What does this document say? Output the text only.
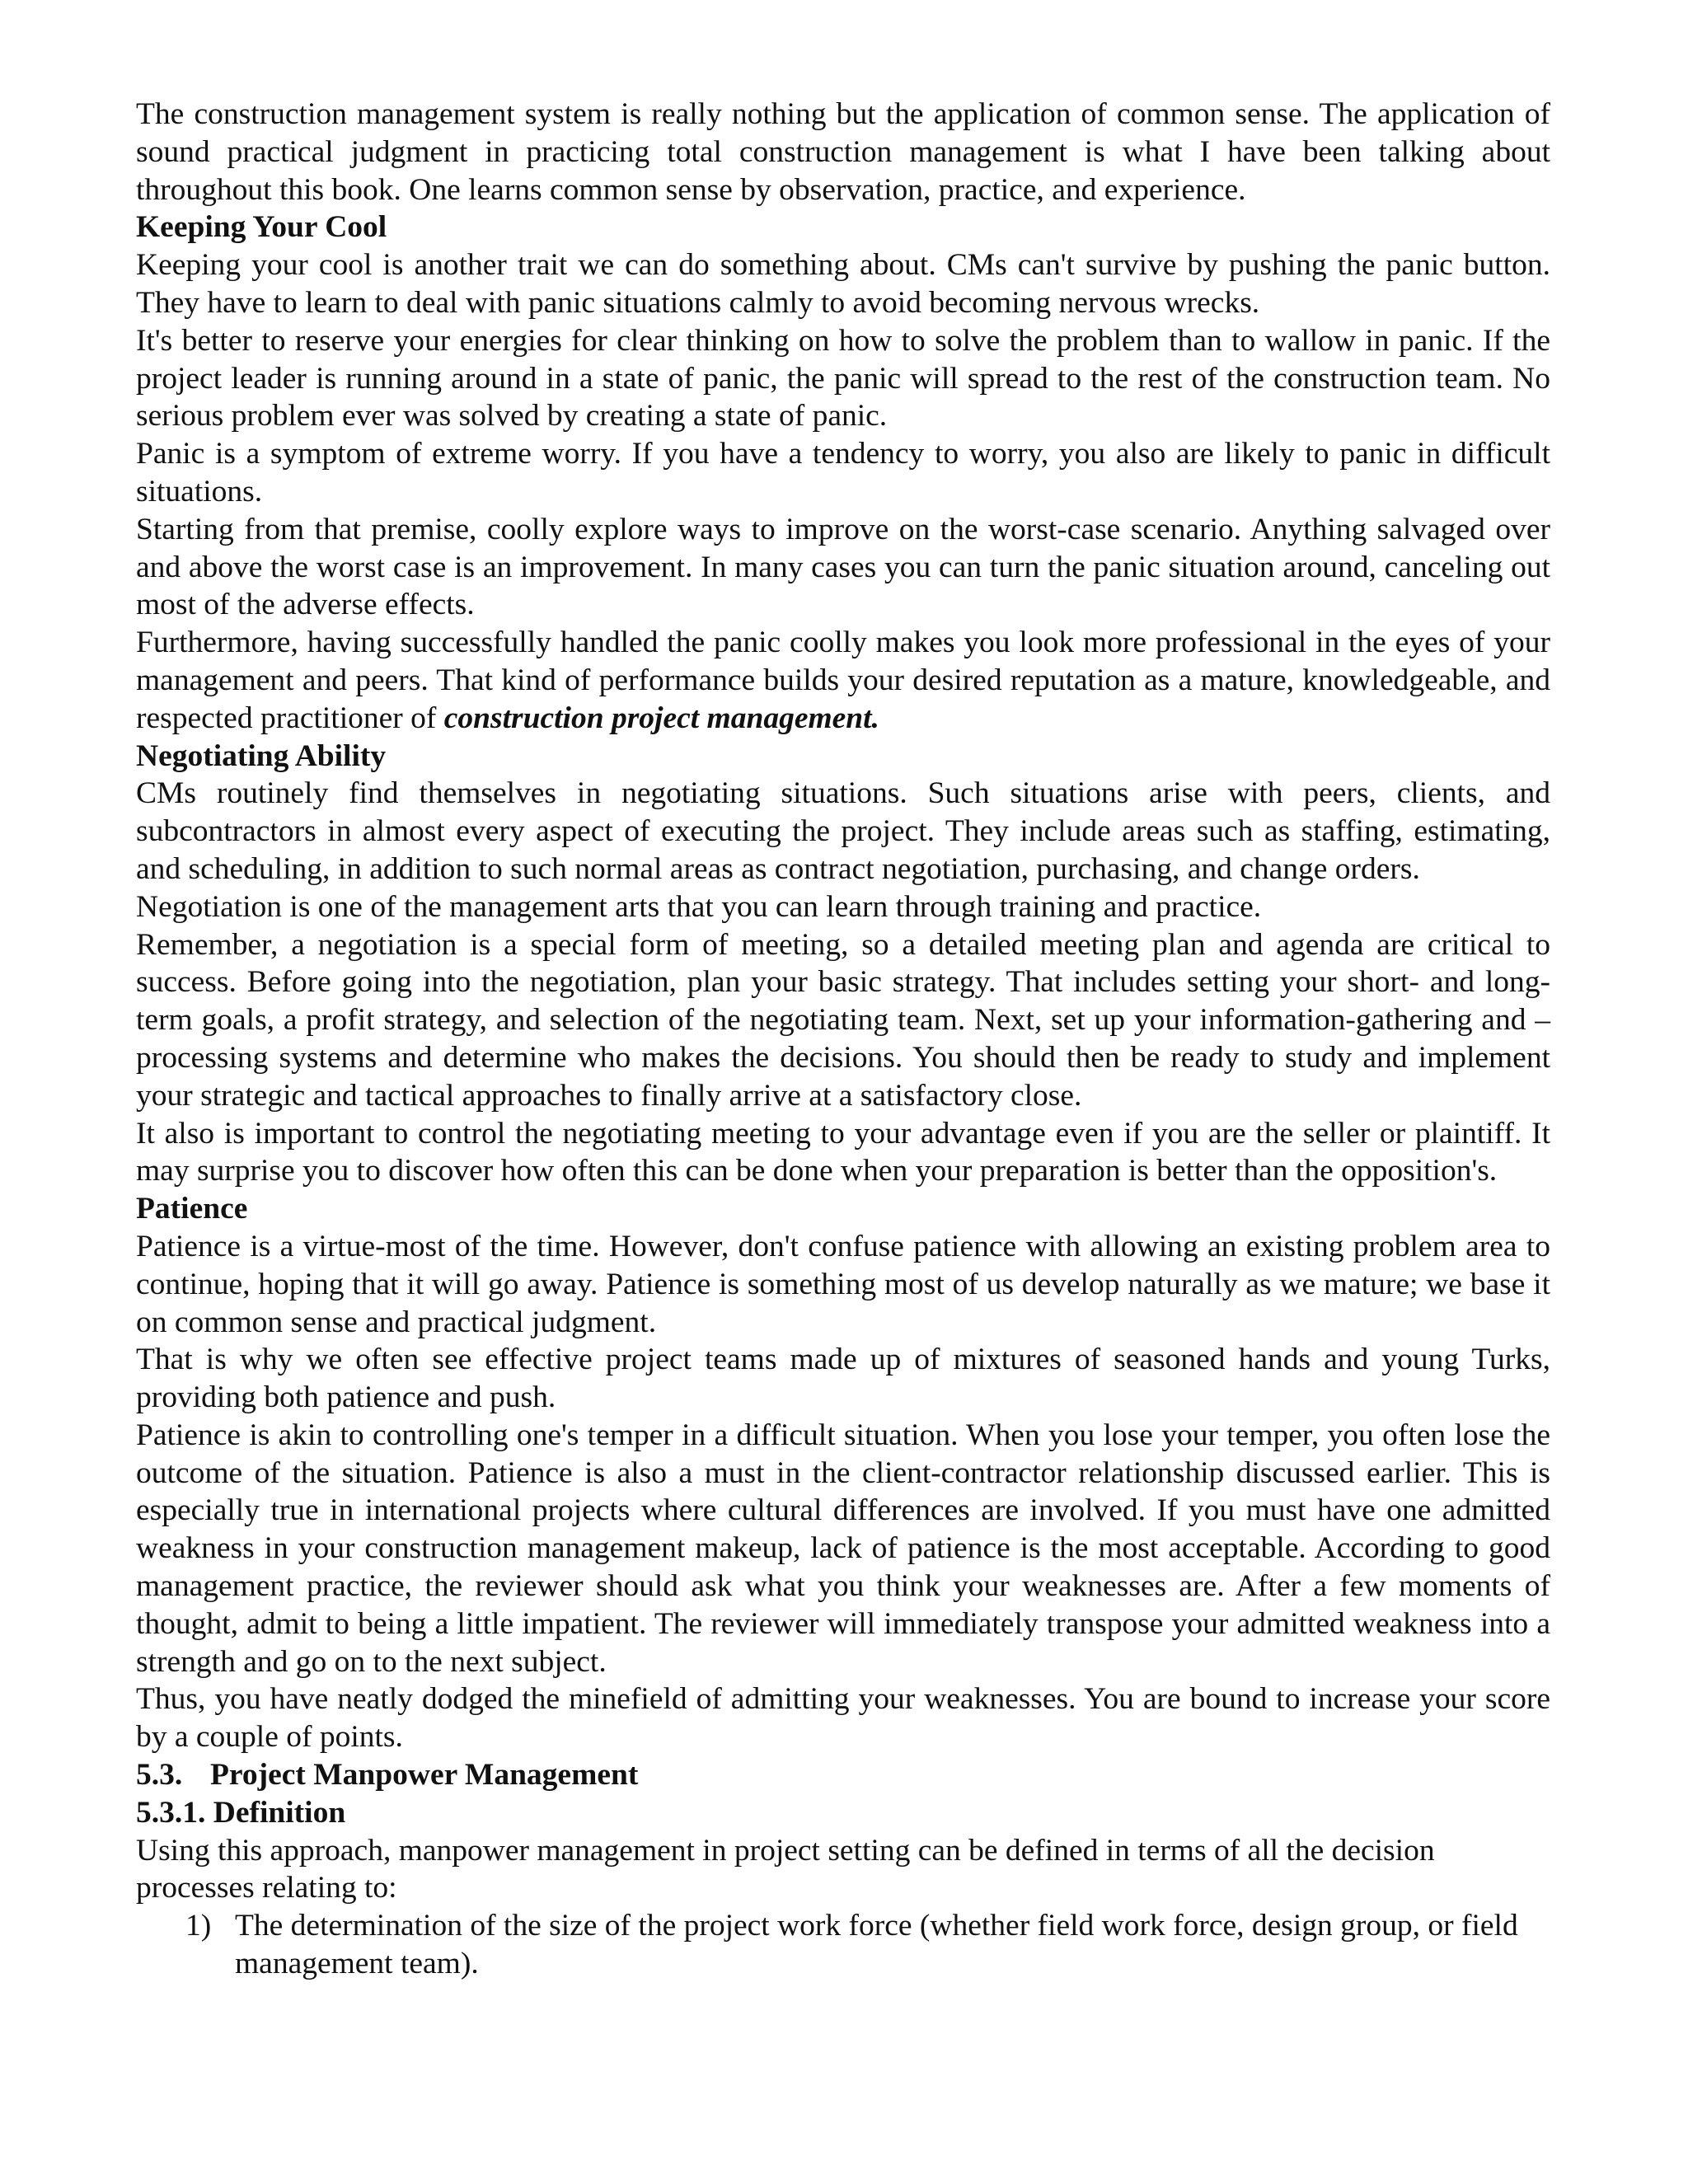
The construction management system is really nothing but the application of common sense. The application of sound practical judgment in practicing total construction management is what I have been talking about throughout this book. One learns common sense by observation, practice, and experience.

Keeping Your Cool

Keeping your cool is another trait we can do something about. CMs can't survive by pushing the panic button. They have to learn to deal with panic situations calmly to avoid becoming nervous wrecks.

It's better to reserve your energies for clear thinking on how to solve the problem than to wallow in panic. If the project leader is running around in a state of panic, the panic will spread to the rest of the construction team. No serious problem ever was solved by creating a state of panic.

Panic is a symptom of extreme worry. If you have a tendency to worry, you also are likely to panic in difficult situations.

Starting from that premise, coolly explore ways to improve on the worst-case scenario. Anything salvaged over and above the worst case is an improvement. In many cases you can turn the panic situation around, canceling out most of the adverse effects.

Furthermore, having successfully handled the panic coolly makes you look more professional in the eyes of your management and peers. That kind of performance builds your desired reputation as a mature, knowledgeable, and respected practitioner of construction project management.

Negotiating Ability

CMs routinely find themselves in negotiating situations. Such situations arise with peers, clients, and subcontractors in almost every aspect of executing the project. They include areas such as staffing, estimating, and scheduling, in addition to such normal areas as contract negotiation, purchasing, and change orders.

Negotiation is one of the management arts that you can learn through training and practice.

Remember, a negotiation is a special form of meeting, so a detailed meeting plan and agenda are critical to success. Before going into the negotiation, plan your basic strategy. That includes setting your short- and long-term goals, a profit strategy, and selection of the negotiating team. Next, set up your information-gathering and –processing systems and determine who makes the decisions. You should then be ready to study and implement your strategic and tactical approaches to finally arrive at a satisfactory close.

It also is important to control the negotiating meeting to your advantage even if you are the seller or plaintiff. It may surprise you to discover how often this can be done when your preparation is better than the opposition's.

Patience

Patience is a virtue-most of the time. However, don't confuse patience with allowing an existing problem area to continue, hoping that it will go away. Patience is something most of us develop naturally as we mature; we base it on common sense and practical judgment.

That is why we often see effective project teams made up of mixtures of seasoned hands and young Turks, providing both patience and push.

Patience is akin to controlling one's temper in a difficult situation. When you lose your temper, you often lose the outcome of the situation. Patience is also a must in the client-contractor relationship discussed earlier. This is especially true in international projects where cultural differences are involved. If you must have one admitted weakness in your construction management makeup, lack of patience is the most acceptable. According to good management practice, the reviewer should ask what you think your weaknesses are. After a few moments of thought, admit to being a little impatient. The reviewer will immediately transpose your admitted weakness into a strength and go on to the next subject.

Thus, you have neatly dodged the minefield of admitting your weaknesses. You are bound to increase your score by a couple of points.

5.3. Project Manpower Management
5.3.1. Definition

Using this approach, manpower management in project setting can be defined in terms of all the decision processes relating to:

1) The determination of the size of the project work force (whether field work force, design group, or field management team).
